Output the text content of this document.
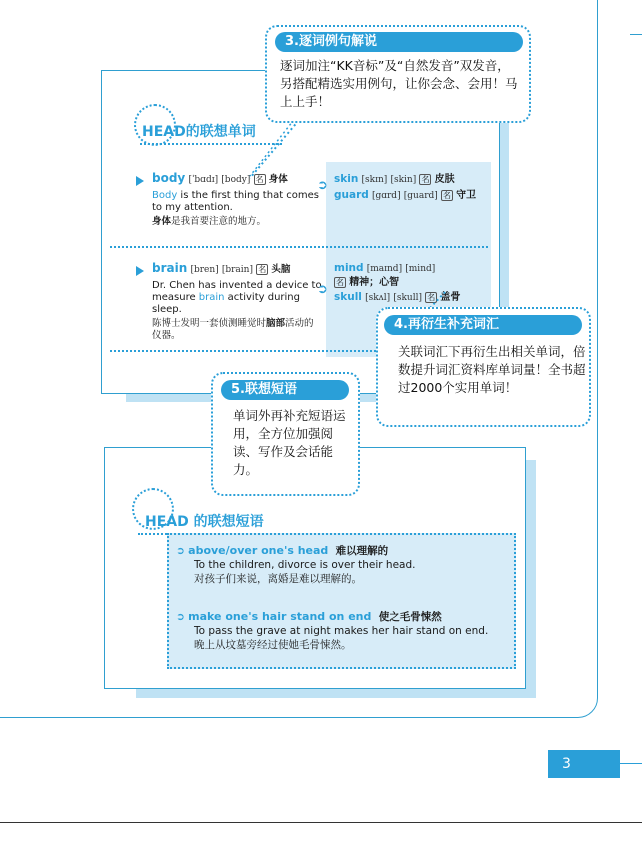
HEAD的联想单词
body [ˈbɑdɪ] [body] 名 身体
Body is the first thing that comes to my attention.
身体是我首要注意的地方。
brain [bren] [brain] 名 头脑
Dr. Chen has invented a device to measure brain activity during sleep.
陈博士发明一套侦测睡觉时脑部活动的仪器。
➲ skin [skɪn] [skin] 名 皮肤
guard [gɑrd] [guard] 名 守卫
➲
mind [maɪnd] [mind]
名 精神；心智
skull [skʌl] [skull] 名 盖骨
3.逐词例句解说
逐词加注“KK音标”及“自然发音”双发音，另搭配精选实用例句，让你会念、会用！马上上手！
4.再衍生补充词汇
关联词汇下再衍生出相关单词，倍数提升词汇资料库单词量！全书超过2000个实用单词！
5.联想短语
单词外再补充短语运用，全方位加强阅读、写作及会话能力。
HEAD 的联想短语
➲ above/over one's head 难以理解的
To the children, divorce is over their head.
对孩子们来说，离婚是难以理解的。
➲ make one's hair stand on end 使之毛骨悚然
To pass the grave at night makes her hair stand on end.
晚上从坟墓旁经过使她毛骨悚然。
3
